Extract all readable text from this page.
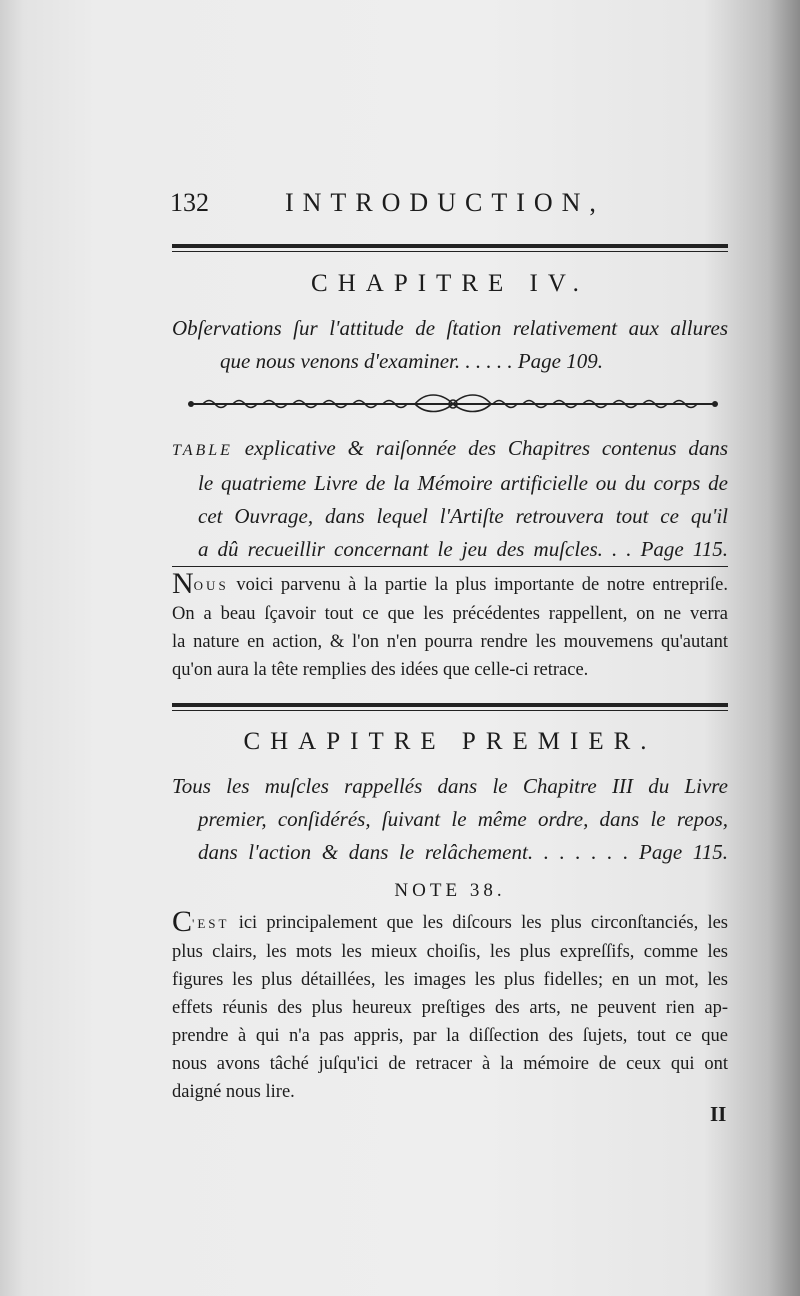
132	INTRODUCTION,
CHAPITRE IV.
Obſervations ſur l'attitude de ſtation relativement aux allures
que nous venons d'examiner. . . . . . Page 109.
TABLE explicative & raiſonnée des Chapitres contenus dans
le quatrieme Livre de la Mémoire artificielle ou du corps de
cet Ouvrage, dans lequel l'Artiſte retrouvera tout ce qu'il
a dû recueillir concernant le jeu des muſcles. . . Page 115.
NOUS voici parvenu à la partie la plus importante de notre entrepriſe.
On a beau ſçavoir tout ce que les précédentes rappellent, on ne verra
la nature en action, & l'on n'en pourra rendre les mouvemens qu'autant
qu'on aura la tête remplies des idées que celle-ci retrace.
CHAPITRE PREMIER.
Tous les muſcles rappellés dans le Chapitre III du Livre
premier, conſidérés, ſuivant le même ordre, dans le repos,
dans l'action & dans le relâchement. . . . . . . Page 115.
NOTE 38.
C'EST ici principalement que les diſcours les plus circonſtanciés, les
plus clairs, les mots les mieux choiſis, les plus expreſſifs, comme les
figures les plus détaillées, les images les plus fidelles; en un mot, les
effets réunis des plus heureux preſtiges des arts, ne peuvent rien ap-
prendre à qui n'a pas appris, par la diſſection des ſujets, tout ce que
nous avons tâché juſqu'ici de retracer à la mémoire de ceux qui ont
daigné nous lire.
II
